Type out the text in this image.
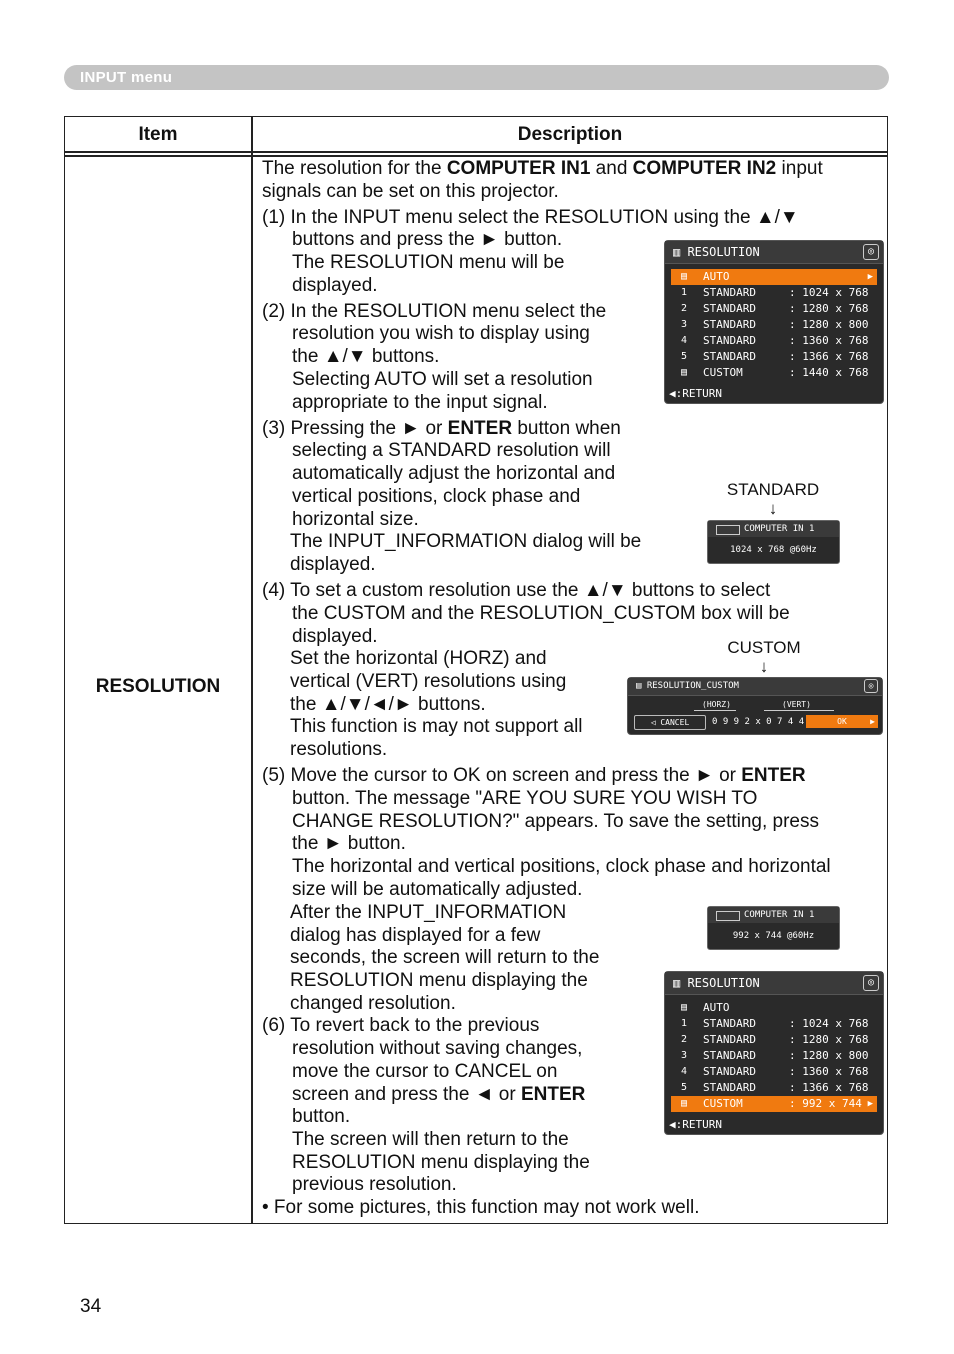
INPUT menu
Item	Description
RESOLUTION
The resolution for the COMPUTER IN1 and COMPUTER IN2 input
signals can be set on this projector.
(1) In the INPUT menu select the RESOLUTION using the ▲/▼
buttons and press the ► button.
The RESOLUTION menu will be
displayed.
(2) In the RESOLUTION menu select the
resolution you wish to display using
the ▲/▼ buttons.
Selecting AUTO will set a resolution
appropriate to the input signal.
(3) Pressing the ► or ENTER button when
selecting a STANDARD resolution will
automatically adjust the horizontal and
vertical positions, clock phase and
horizontal size.
The INPUT_INFORMATION dialog will be
displayed.
(4) To set a custom resolution use the ▲/▼ buttons to select
the CUSTOM and the RESOLUTION_CUSTOM box will be
displayed.
Set the horizontal (HORZ) and
vertical (VERT) resolutions using
the ▲/▼/◄/► buttons.
This function is may not support all
resolutions.
(5) Move the cursor to OK on screen and press the ► or ENTER
button. The message "ARE YOU SURE YOU WISH TO
CHANGE RESOLUTION?" appears. To save the setting, press
the ► button.
The horizontal and vertical positions, clock phase and horizontal
size will be automatically adjusted.
After the INPUT_INFORMATION
dialog has displayed for a few
seconds, the screen will return to the
RESOLUTION menu displaying the
changed resolution.
(6) To revert back to the previous
resolution without saving changes,
move the cursor to CANCEL on
screen and press the ◄ or ENTER
button.
The screen will then return to the
RESOLUTION menu displaying the
previous resolution.
• For some pictures, this function may not work well.
▥ RESOLUTION	◎
▤ AUTO	▶
1 STANDARD	: 1024 x 768
2 STANDARD	: 1280 x 768
3 STANDARD	: 1280 x 800
4 STANDARD	: 1360 x 768
5 STANDARD	: 1366 x 768
▤ CUSTOM	: 1440 x 768
◀:RETURN
STANDARD
↓
COMPUTER IN 1
1024 x 768 @60Hz
CUSTOM
↓
▤ RESOLUTION_CUSTOM	◎
(HORZ)	(VERT)
◁ CANCEL	0 9 9 2 x 0 7 4 4	OK	▶
COMPUTER IN 1
992 x 744 @60Hz
▥ RESOLUTION	◎
▤ AUTO
1 STANDARD	: 1024 x 768
2 STANDARD	: 1280 x 768
3 STANDARD	: 1280 x 800
4 STANDARD	: 1360 x 768
5 STANDARD	: 1366 x 768
▤ CUSTOM	: 992 x 744 ▶
◀:RETURN
34
